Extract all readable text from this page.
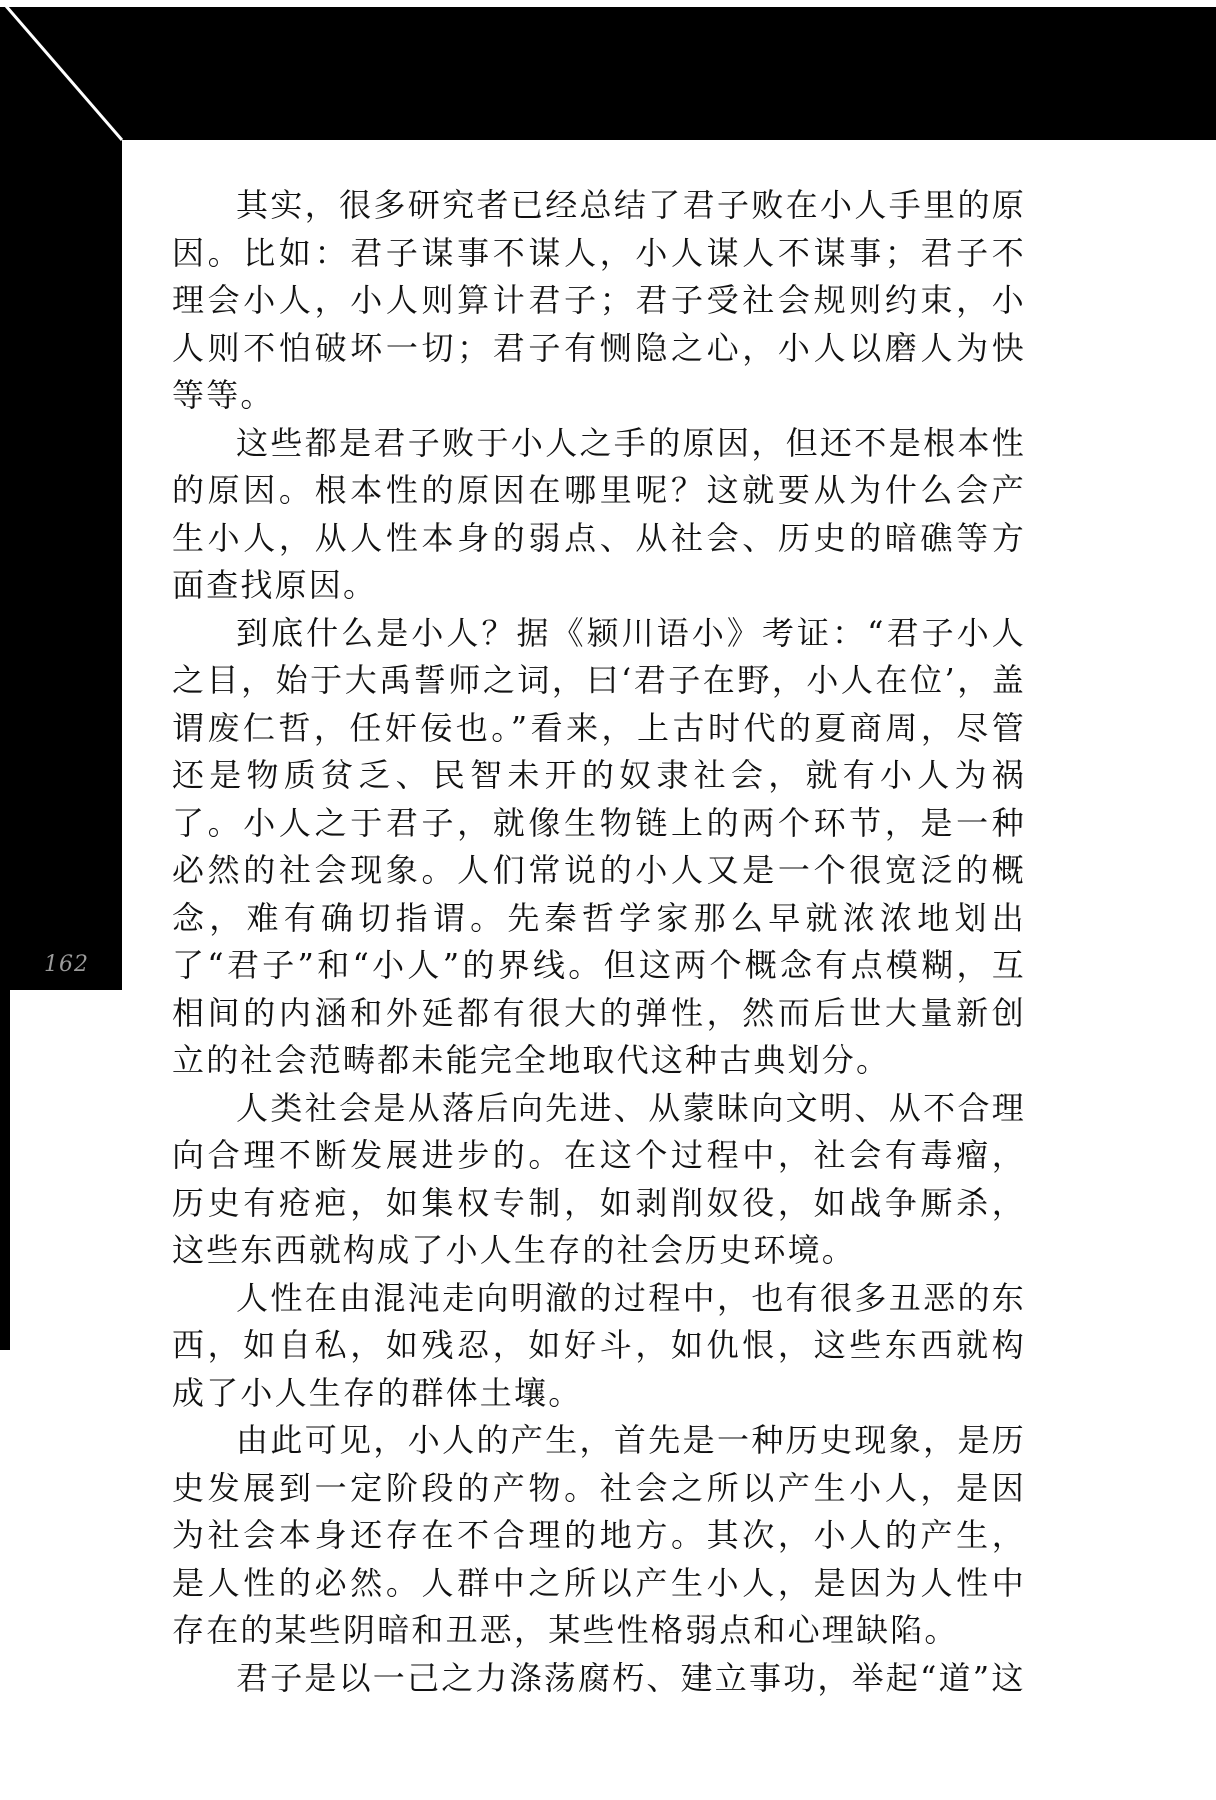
162

其实，很多研究者已经总结了君子败在小人手里的原因。比如：君子谋事不谋人，小人谋人不谋事；君子不理会小人，小人则算计君子；君子受社会规则约束，小人则不怕破坏一切；君子有恻隐之心，小人以磨人为快等等。

这些都是君子败于小人之手的原因，但还不是根本性的原因。根本性的原因在哪里呢？这就要从为什么会产生小人，从人性本身的弱点、从社会、历史的暗礁等方面查找原因。

到底什么是小人？据《颍川语小》考证：“君子小人之目，始于大禹誓师之词，曰‘君子在野，小人在位’，盖谓废仁哲，任奸佞也。”看来，上古时代的夏商周，尽管还是物质贫乏、民智未开的奴隶社会，就有小人为祸了。小人之于君子，就像生物链上的两个环节，是一种必然的社会现象。人们常说的小人又是一个很宽泛的概念，难有确切指谓。先秦哲学家那么早就浓浓地划出了“君子”和“小人”的界线。但这两个概念有点模糊，互相间的内涵和外延都有很大的弹性，然而后世大量新创立的社会范畴都未能完全地取代这种古典划分。

人类社会是从落后向先进、从蒙昧向文明、从不合理向合理不断发展进步的。在这个过程中，社会有毒瘤，历史有疮疤，如集权专制，如剥削奴役，如战争厮杀，这些东西就构成了小人生存的社会历史环境。

人性在由混沌走向明澈的过程中，也有很多丑恶的东西，如自私，如残忍，如好斗，如仇恨，这些东西就构成了小人生存的群体土壤。

由此可见，小人的产生，首先是一种历史现象，是历史发展到一定阶段的产物。社会之所以产生小人，是因为社会本身还存在不合理的地方。其次，小人的产生，是人性的必然。人群中之所以产生小人，是因为人性中存在的某些阴暗和丑恶，某些性格弱点和心理缺陷。

君子是以一己之力涤荡腐朽、建立事功，举起“道”这
